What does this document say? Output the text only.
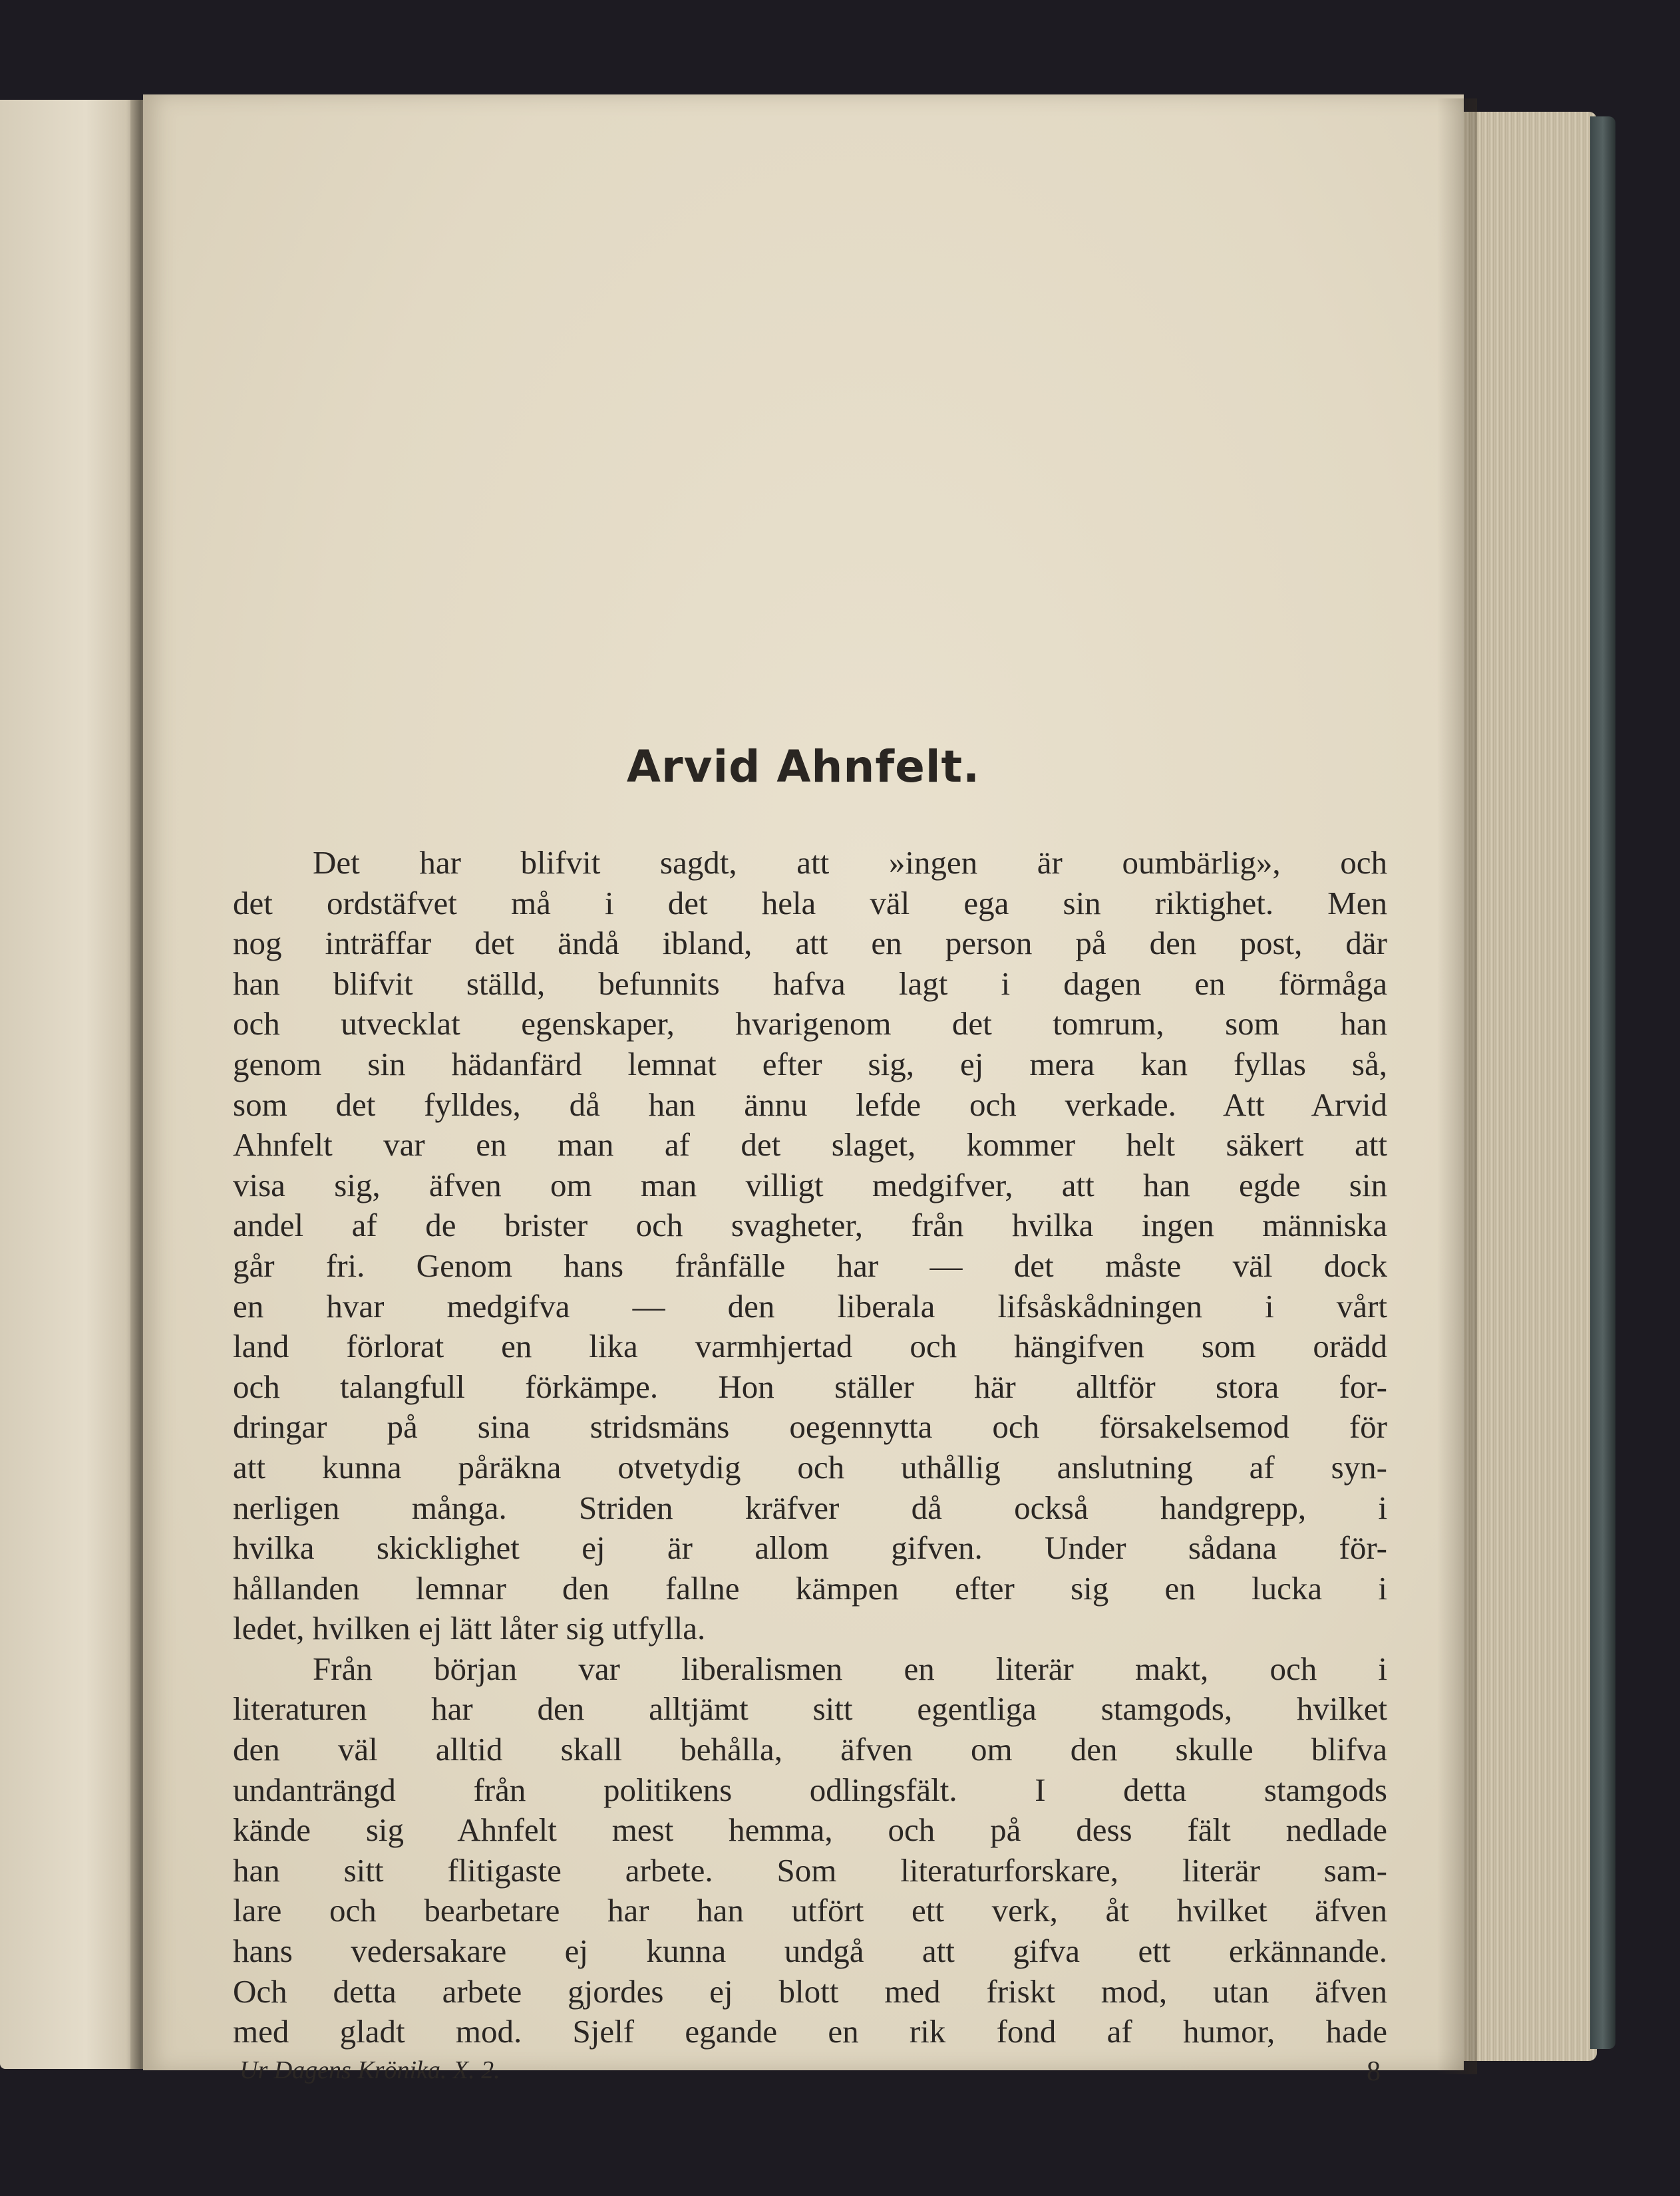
Arvid Ahnfelt.
Det har blifvit sagdt, att »ingen är oumbärlig», och
det ordstäfvet må i det hela väl ega sin riktighet. Men
nog inträffar det ändå ibland, att en person på den post, där
han blifvit ställd, befunnits hafva lagt i dagen en förmåga
och utvecklat egenskaper, hvarigenom det tomrum, som han
genom sin hädanfärd lemnat efter sig, ej mera kan fyllas så,
som det fylldes, då han ännu lefde och verkade. Att Arvid
Ahnfelt var en man af det slaget, kommer helt säkert att
visa sig, äfven om man villigt medgifver, att han egde sin
andel af de brister och svagheter, från hvilka ingen människa
går fri. Genom hans frånfälle har — det måste väl dock
en hvar medgifva — den liberala lifsåskådningen i vårt
land förlorat en lika varmhjertad och hängifven som orädd
och talangfull förkämpe. Hon ställer här alltför stora for-
dringar på sina stridsmäns oegennytta och försakelsemod för
att kunna påräkna otvetydig och uthållig anslutning af syn-
nerligen många. Striden kräfver då också handgrepp, i
hvilka skicklighet ej är allom gifven. Under sådana för-
hållanden lemnar den fallne kämpen efter sig en lucka i
ledet, hvilken ej lätt låter sig utfylla.
Från början var liberalismen en literär makt, och i
literaturen har den alltjämt sitt egentliga stamgods, hvilket
den väl alltid skall behålla, äfven om den skulle blifva
undanträngd från politikens odlingsfält. I detta stamgods
kände sig Ahnfelt mest hemma, och på dess fält nedlade
han sitt flitigaste arbete. Som literaturforskare, literär sam-
lare och bearbetare har han utfört ett verk, åt hvilket äfven
hans vedersakare ej kunna undgå att gifva ett erkännande.
Och detta arbete gjordes ej blott med friskt mod, utan äfven
med gladt mod. Sjelf egande en rik fond af humor, hade
Ur Dagens Krönika. X. 2.	8
